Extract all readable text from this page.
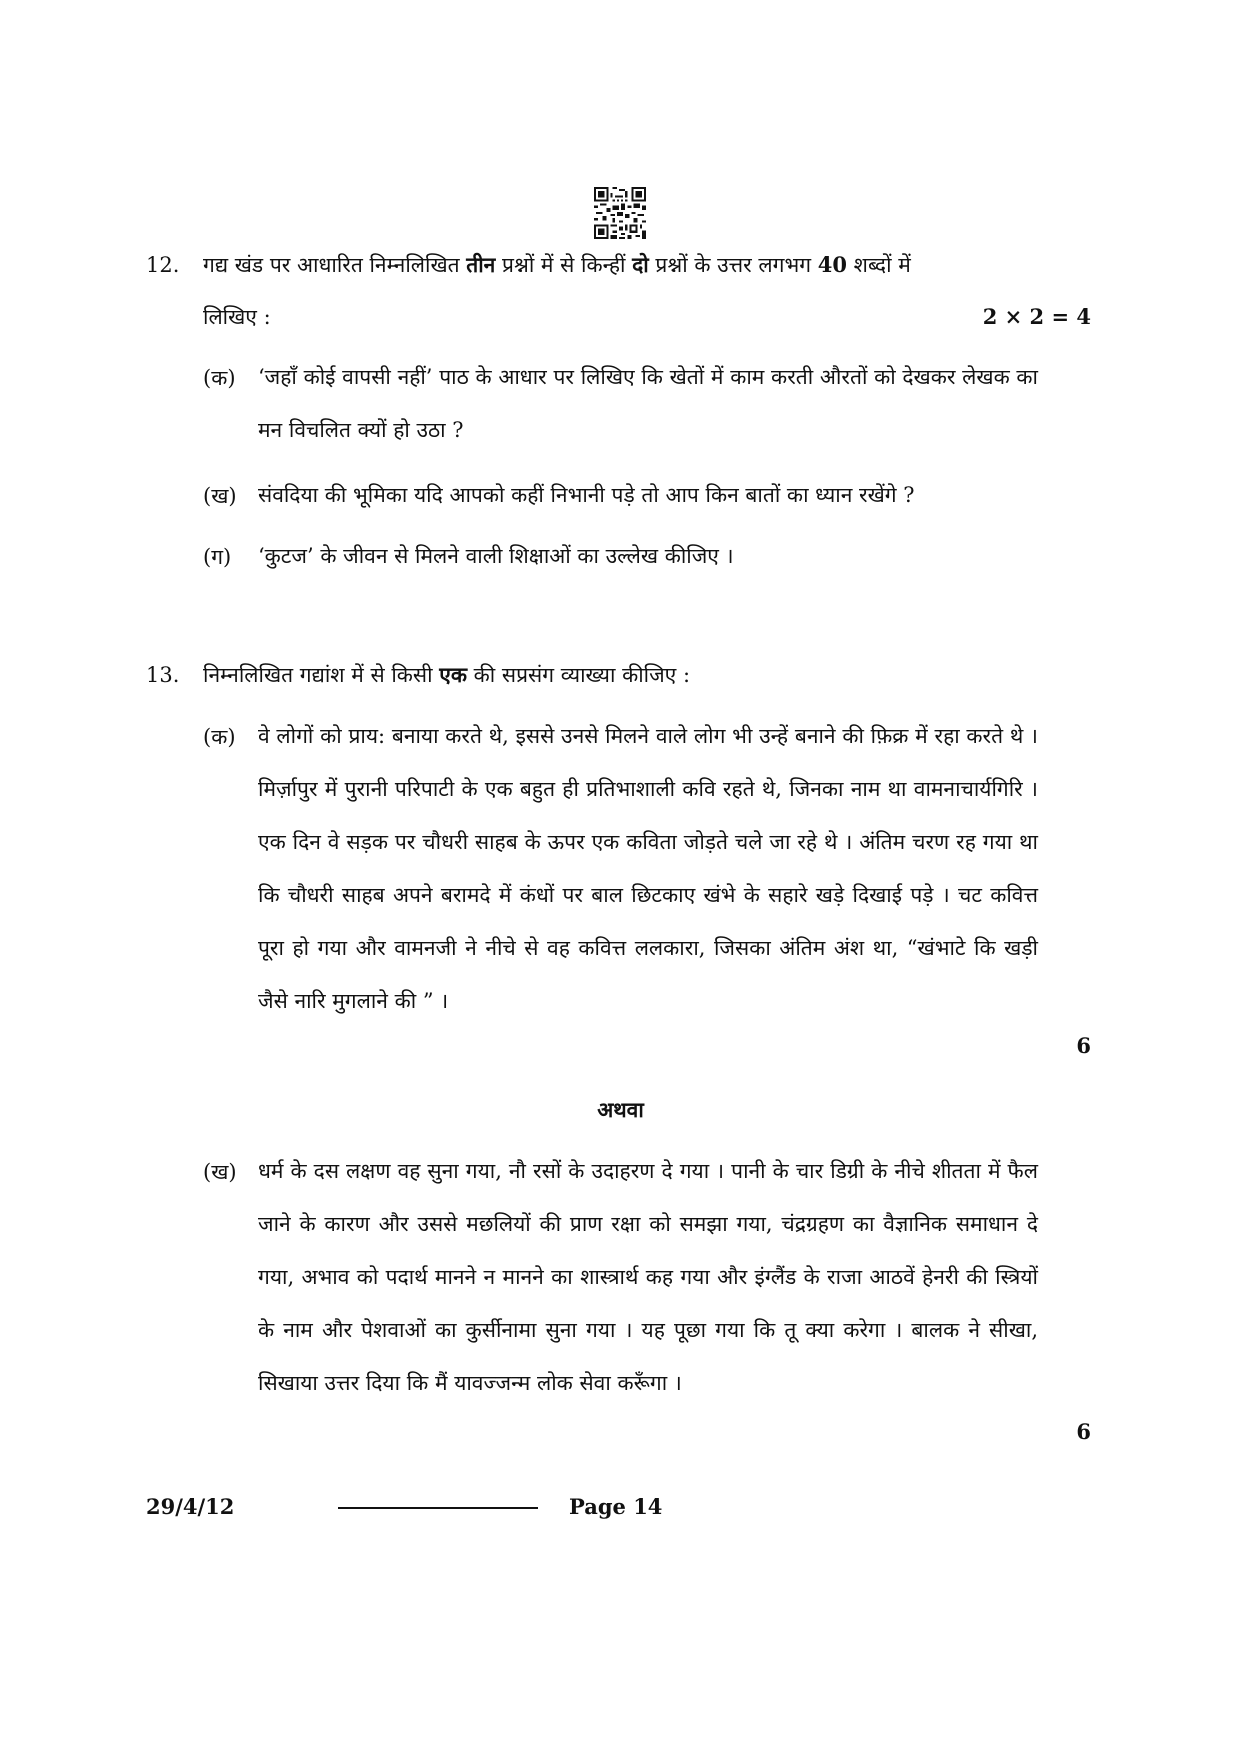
12. गद्य खंड पर आधारित निम्नलिखित तीन प्रश्नों में से किन्हीं दो प्रश्नों के उत्तर लगभग 40 शब्दों में
लिखिए :	2 × 2 = 4
(क) ‘जहाँ कोई वापसी नहीं’ पाठ के आधार पर लिखिए कि खेतों में काम करती औरतों को देखकर लेखक का मन विचलित क्यों हो उठा ?
(ख) संवदिया की भूमिका यदि आपको कहीं निभानी पड़े तो आप किन बातों का ध्यान रखेंगे ?
(ग) ‘कुटज’ के जीवन से मिलने वाली शिक्षाओं का उल्लेख कीजिए ।
13. निम्नलिखित गद्यांश में से किसी एक की सप्रसंग व्याख्या कीजिए :
(क) वे लोगों को प्राय: बनाया करते थे, इससे उनसे मिलने वाले लोग भी उन्हें बनाने की फ़िक्र में रहा करते थे । मिर्ज़ापुर में पुरानी परिपाटी के एक बहुत ही प्रतिभाशाली कवि रहते थे, जिनका नाम था वामनाचार्यगिरि । एक दिन वे सड़क पर चौधरी साहब के ऊपर एक कविता जोड़ते चले जा रहे थे । अंतिम चरण रह गया था कि चौधरी साहब अपने बरामदे में कंधों पर बाल छिटकाए खंभे के सहारे खड़े दिखाई पड़े । चट कवित्त पूरा हो गया और वामनजी ने नीचे से वह कवित्त ललकारा, जिसका अंतिम अंश था, “खंभाटे कि खड़ी जैसे नारि मुगलाने की ” ।
6
अथवा
(ख) धर्म के दस लक्षण वह सुना गया, नौ रसों के उदाहरण दे गया । पानी के चार डिग्री के नीचे शीतता में फैल जाने के कारण और उससे मछलियों की प्राण रक्षा को समझा गया, चंद्रग्रहण का वैज्ञानिक समाधान दे गया, अभाव को पदार्थ मानने न मानने का शास्त्रार्थ कह गया और इंग्लैंड के राजा आठवें हेनरी की स्त्रियों के नाम और पेशवाओं का कुर्सीनामा सुना गया । यह पूछा गया कि तू क्या करेगा । बालक ने सीखा, सिखाया उत्तर दिया कि मैं यावज्जन्म लोक सेवा करूँगा ।
6
29/4/12	Page 14
